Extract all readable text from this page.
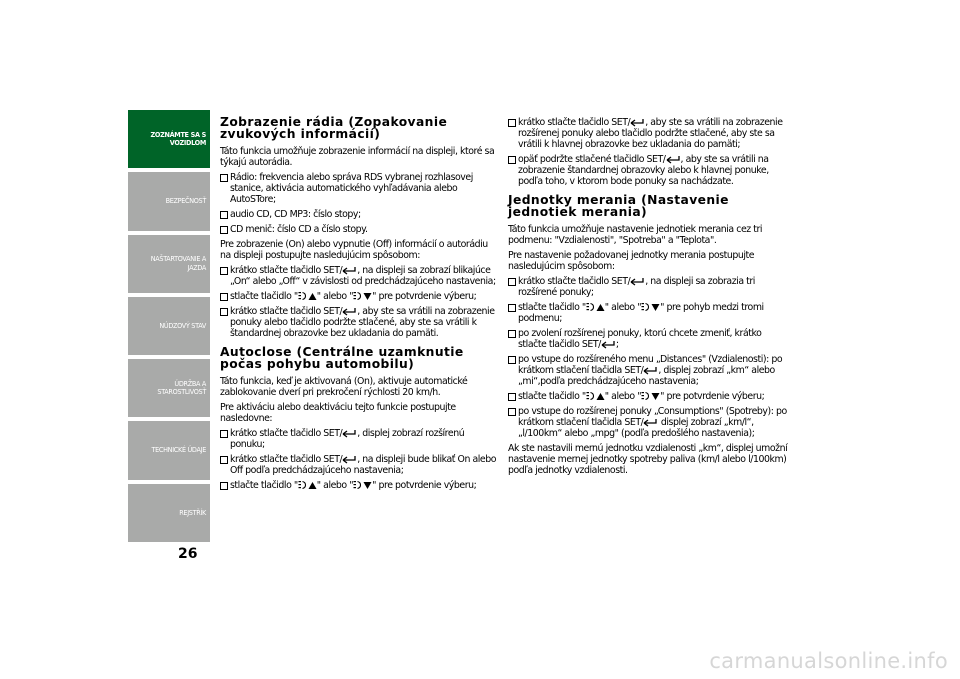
ZOZNÁMTE SA S
VOZIDLOM
BEZPEČNOSŤ
NAŠTARTOVANIE A
JAZDA
NÚDZOVÝ STAV
ÚDRŽBA A
STAROSTLIVOSŤ
TECHNICKÉ ÚDAJE
REJSTŘÍK
26
Zobrazenie rádia (Zopakovanie zvukových informácií)

Táto funkcia umožňuje zobrazenie informácií na displeji, ktoré sa týkajú autorádia.

Rádio: frekvencia alebo správa RDS vybranej rozhlasovej stanice, aktivácia automatického vyhľadávania alebo AutoSTore;
audio CD, CD MP3: číslo stopy;
CD menič: číslo CD a číslo stopy.

Pre zobrazenie (On) alebo vypnutie (Off) informácií o autorádiu na displeji postupujte nasledujúcim spôsobom:

krátko stlačte tlačidlo SET/ , na displeji sa zobrazí blikajúce „On“ alebo „Off“ v závislosti od predchádzajúceho nastavenia;
stlačte tlačidlo " " alebo " " pre potvrdenie výberu;
krátko stlačte tlačidlo SET/ , aby ste sa vrátili na zobrazenie ponuky alebo tlačidlo podržte stlačené, aby ste sa vrátili k štandardnej obrazovke bez ukladania do pamäti.
Autoclose (Centrálne uzamknutie počas pohybu automobilu)

Táto funkcia, keď je aktivovaná (On), aktivuje automatické zablokovanie dverí pri prekročení rýchlosti 20 km/h.

Pre aktiváciu alebo deaktiváciu tejto funkcie postupujte nasledovne:

krátko stlačte tlačidlo SET/ , displej zobrazí rozšírenú ponuku;
krátko stlačte tlačidlo SET/ , na displeji bude blikať On alebo Off podľa predchádzajúceho nastavenia;
stlačte tlačidlo " " alebo " " pre potvrdenie výberu;
krátko stlačte tlačidlo SET/ , aby ste sa vrátili na zobrazenie rozšírenej ponuky alebo tlačidlo podržte stlačené, aby ste sa vrátili k hlavnej obrazovke bez ukladania do pamäti;
opäť podržte stlačené tlačidlo SET/ , aby ste sa vrátili na zobrazenie štandardnej obrazovky alebo k hlavnej ponuke, podľa toho, v ktorom bode ponuky sa nachádzate.
Jednotky merania (Nastavenie jednotiek merania)

Táto funkcia umožňuje nastavenie jednotiek merania cez tri podmenu: "Vzdialenosti", "Spotreba" a "Teplota".

Pre nastavenie požadovanej jednotky merania postupujte nasledujúcim spôsobom:

krátko stlačte tlačidlo SET/ , na displeji sa zobrazia tri rozšírené ponuky;
stlačte tlačidlo " " alebo " " pre pohyb medzi tromi podmenu;
po zvolení rozšírenej ponuky, ktorú chcete zmeniť, krátko stlačte tlačidlo SET/ ;
po vstupe do rozšíreného menu „Distances" (Vzdialenosti): po krátkom stlačení tlačidla SET/ , displej zobrazí „km“ alebo „mi“,podľa predchádzajúceho nastavenia;
stlačte tlačidlo " " alebo " " pre potvrdenie výberu;
po vstupe do rozšírenej ponuky „Consumptions" (Spotreby): po krátkom stlačení tlačidla SET/ displej zobrazí „km/l“, „l/100km“ alebo „mpg" (podľa predošlého nastavenia);

Ak ste nastavili mernú jednotku vzdialenosti „km“, displej umožní nastavenie mernej jednotky spotreby paliva (km/l alebo l/100km) podľa jednotky vzdialenosti.

carmanualsonline.info
